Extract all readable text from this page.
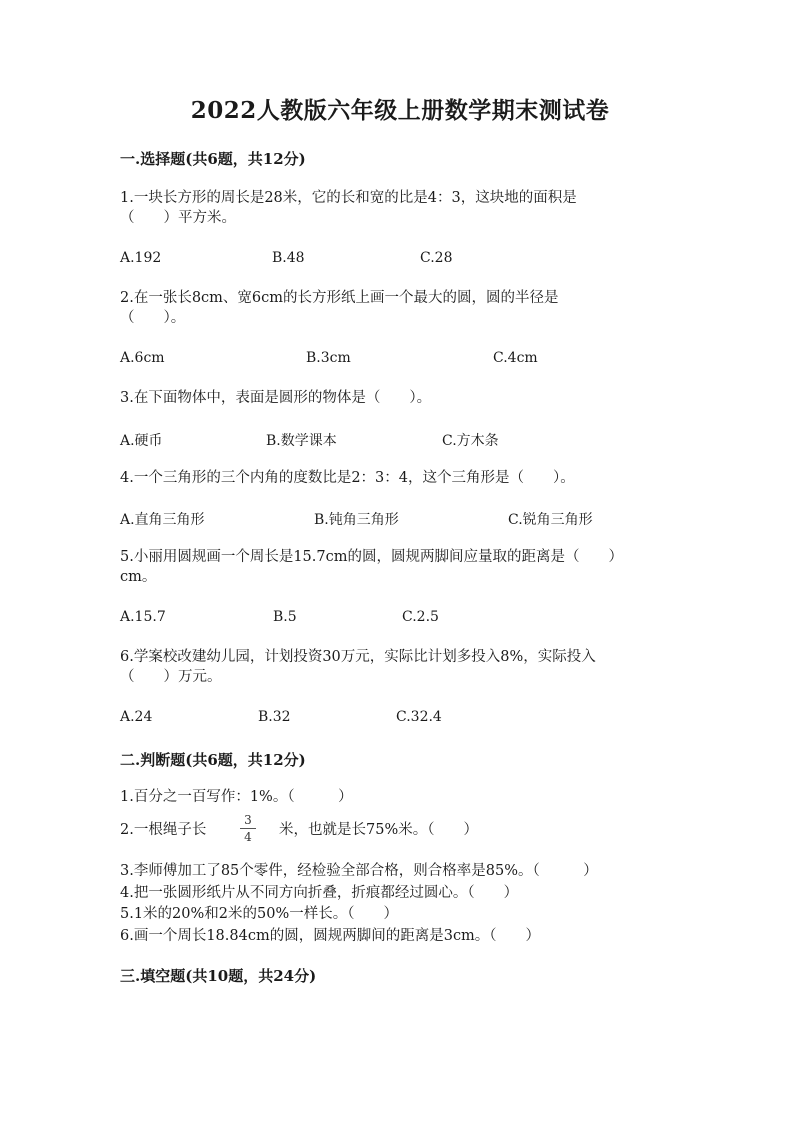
2022人教版六年级上册数学期末测试卷
一.选择题(共6题，共12分)
1.一块长方形的周长是28米，它的长和宽的比是4：3，这块地的面积是
（　　）平方米。
A.192	B.48	C.28
2.在一张长8cm、宽6cm的长方形纸上画一个最大的圆，圆的半径是
（　　）。
A.6cm	B.3cm	C.4cm
3.在下面物体中，表面是圆形的物体是（　　）。
A.硬币	B.数学课本	C.方木条
4.一个三角形的三个内角的度数比是2：3：4，这个三角形是（　　）。
A.直角三角形	B.钝角三角形	C.锐角三角形
5.小丽用圆规画一个周长是15.7cm的圆，圆规两脚间应量取的距离是（　　）
cm。
A.15.7	B.5	C.2.5
6.学案校改建幼儿园，计划投资30万元，实际比计划多投入8%，实际投入
（　　）万元。
A.24	B.32	C.32.4
二.判断题(共6题，共12分)
1.百分之一百写作：1%。（　　　）
2.一根绳子长
3
4 米，也就是长75%米。（　　）
3.李师傅加工了85个零件，经检验全部合格，则合格率是85%。（　　　）
4.把一张圆形纸片从不同方向折叠，折痕都经过圆心。（　　）
5.1米的20%和2米的50%一样长。（　　）
6.画一个周长18.84cm的圆，圆规两脚间的距离是3cm。（　　）
三.填空题(共10题，共24分)
